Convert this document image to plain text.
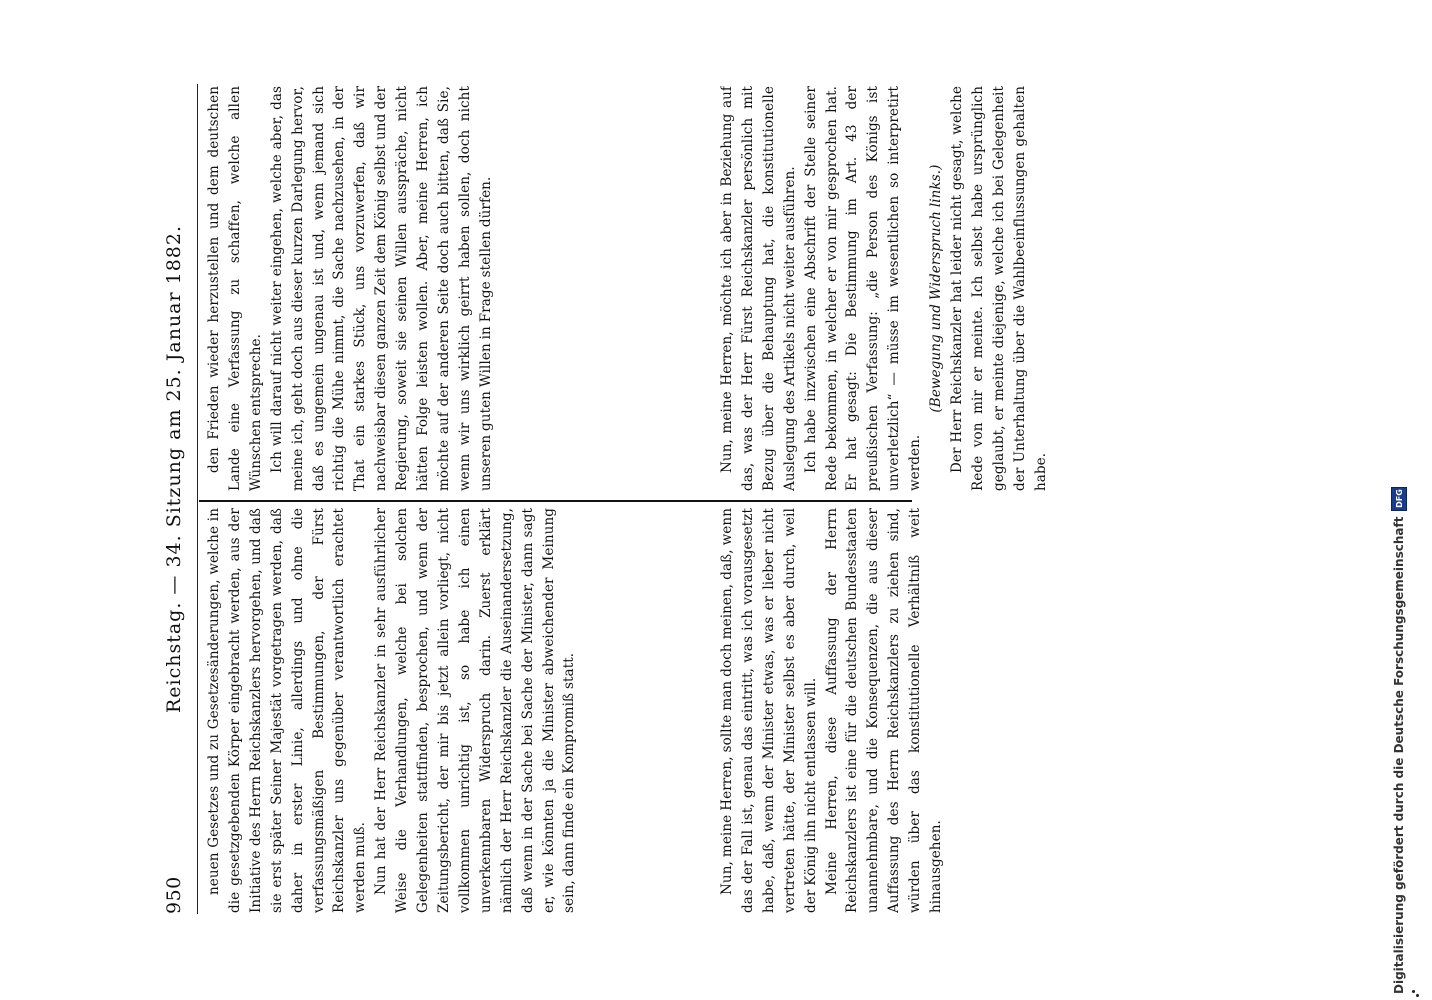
950
Reichstag. — 34. Sitzung am 25. Januar 1882. den Frieden wieder herzustellen und dem deutschen Lande eine Verfassung zu schaffen, welche allen Wünschen entspreche. Ich will darauf nicht weiter eingehen, welche aber, das meine ich, geht doch aus dieser kurzen Darlegung hervor, daß es ungemein ungenau ist und, wenn jemand sich richtig die Mühe nimmt, die Sache nachzusehen, in der That ein starkes Stück, uns vorzuwerfen, daß wir nachweisbar diesen ganzen Zeit dem König selbst und der Regierung, soweit sie seinen Willen ausspräche, nicht hätten Folge leisten wollen. Aber, meine Herren, ich möchte auf der anderen Seite doch auch bitten, daß Sie, wenn wir uns wirklich geirrt haben sollen, doch nicht unseren guten Willen in Frage stellen dürfen.

neuen Gesetzes und zu Gesetzesänderungen, welche in die gesetzgebenden Körper eingebracht werden, aus der Initiative des Herrn Reichskanzlers hervorgehen, und daß sie erst später Seiner Majestät vorgetragen werden, daß daher in erster Linie, allerdings und ohne die verfassungsmäßigen Bestimmungen, der Fürst Reichskanzler uns gegenüber verantwortlich erachtet werden muß. Nun hat der Herr Reichskanzler in sehr ausführlicher Weise die Verhandlungen, welche bei solchen Gelegenheiten stattfinden, besprochen, und wenn der Zeitungsbericht, der mir bis jetzt allein vorliegt, nicht vollkommen unrichtig ist, so habe ich einen unverkennbaren Widerspruch darin. Zuerst erklärt nämlich der Herr Reichskanzler die Auseinandersetzung, daß wenn in der Sache bei Sache der Minister, dann sagt er, wie könnten ja die Minister abweichender Meinung sein, dann finde ein Kompromiß statt.	Nun, meine Herren, sollte man doch meinen, daß, wenn das der Fall ist, genau das eintritt, was ich vorausgesetzt habe, daß, wenn der Minister etwas, was er lieber nicht vertreten hätte, der Minister selbst es aber durch, weil der König ihn nicht entlassen will. Meine Herren, diese Auffassung der Herrn Reichskanzlers ist eine für die deutschen Bundesstaaten unannehmbare, und die Konsequenzen, die aus dieser Auffassung des Herrn Reichskanzlers zu ziehen sind, würden über das konstitutionelle Verhältniß weit hinausgehen.

Nun, meine Herren, möchte ich aber in Beziehung auf das, was der Herr Fürst Reichskanzler persönlich mit Bezug über die Behauptung hat, die konstitutionelle Auslegung des Artikels nicht weiter ausführen. Ich habe inzwischen eine Abschrift der Stelle seiner Rede bekommen, in welcher er von mir gesprochen hat. Er hat gesagt: Die Bestimmung im Art. 43 der preußischen Verfassung: „die Person des Königs ist unverletzlich“ — müsse im wesentlichen so interpretirt werden.

(Bewegung und Widerspruch links.) Der Herr Reichskanzler hat leider nicht gesagt, welche Rede von mir er meinte. Ich selbst habe ursprünglich geglaubt, er meinte diejenige, welche ich bei Gelegenheit der Unterhaltung über die Wahlbeeinflussungen gehalten habe.

Digitalisierung gefördert durch die Deutsche Forschungsgemeinschaft
DFG
